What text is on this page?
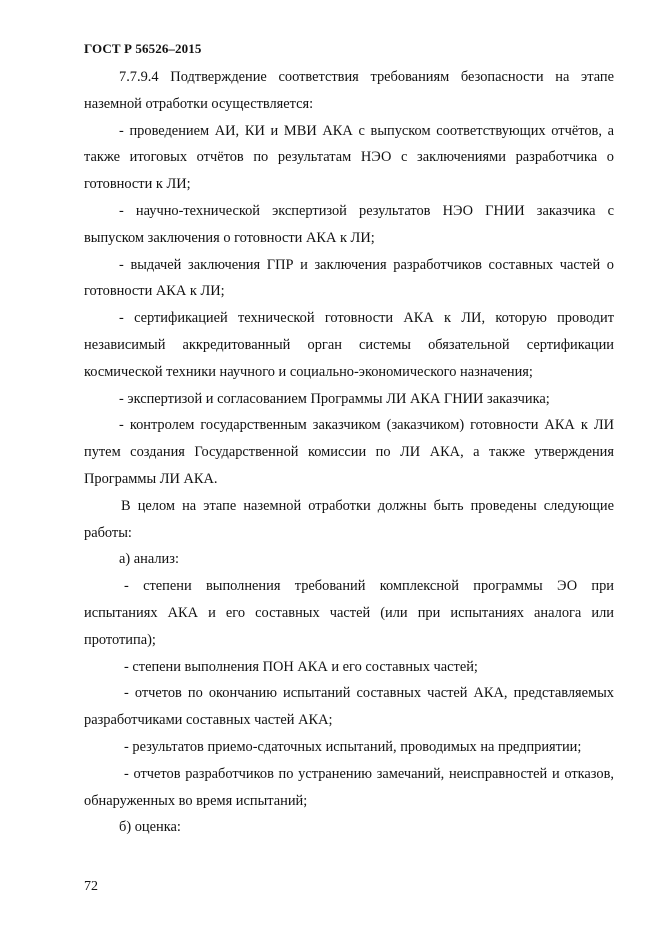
ГОСТ Р 56526–2015

7.7.9.4 Подтверждение соответствия требованиям безопасности на этапе наземной отработки осуществляется:

- проведением АИ, КИ и МВИ АКА с выпуском соответствующих отчётов, а также итоговых отчётов по результатам НЭО с заключениями разработчика о готовности к ЛИ;

- научно-технической экспертизой результатов НЭО ГНИИ заказчика с выпуском заключения о готовности АКА к ЛИ;

- выдачей заключения ГПР и заключения разработчиков составных частей о готовности АКА к ЛИ;

- сертификацией технической готовности АКА к ЛИ, которую проводит независимый аккредитованный орган системы обязательной сертификации космической техники научного и социально-экономического назначения;

- экспертизой и согласованием Программы ЛИ АКА ГНИИ заказчика;

- контролем государственным заказчиком (заказчиком) готовности АКА к ЛИ путем создания Государственной комиссии по ЛИ АКА, а также утверждения Программы ЛИ АКА.

В целом на этапе наземной отработки должны быть проведены следующие работы:

а) анализ:

- степени выполнения требований комплексной программы ЭО при испытаниях АКА и его составных частей (или при испытаниях аналога или прототипа);

- степени выполнения ПОН АКА и его составных частей;

- отчетов по окончанию испытаний составных частей АКА, представляемых разработчиками составных частей АКА;

- результатов приемо-сдаточных испытаний, проводимых на предприятии;

- отчетов разработчиков по устранению замечаний, неисправностей и отказов, обнаруженных во время испытаний;

б) оценка:

72
